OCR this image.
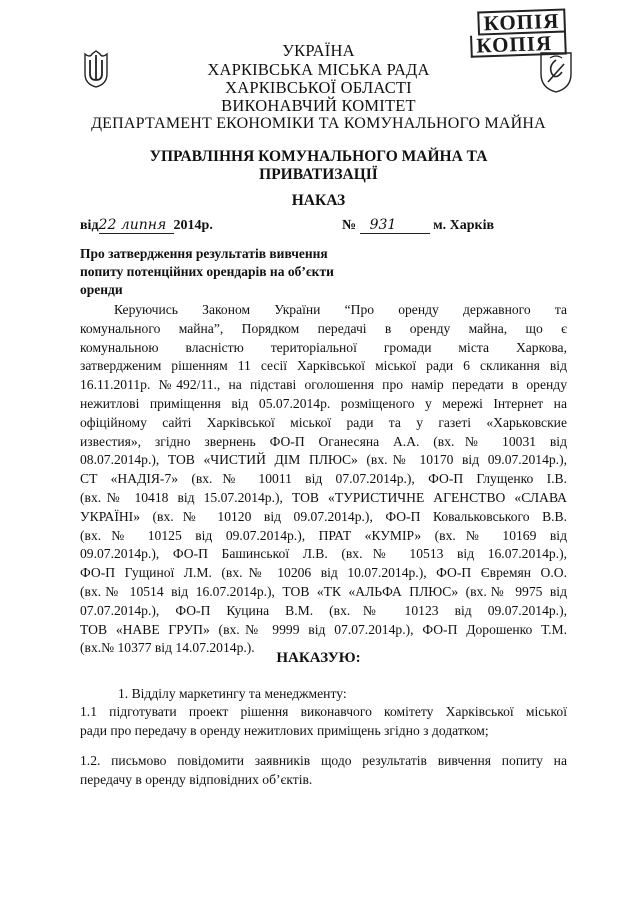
КОПІЯ
КОПІЯ
УКРАЇНА
ХАРКІВСЬКА МІСЬКА РАДА
ХАРКІВСЬКОЇ ОБЛАСТІ
ВИКОНАВЧИЙ КОМІТЕТ
ДЕПАРТАМЕНТ ЕКОНОМІКИ ТА КОМУНАЛЬНОГО МАЙНА
УПРАВЛІННЯ КОМУНАЛЬНОГО МАЙНА ТА
ПРИВАТИЗАЦІЇ
НАКАЗ
від22 липня 2014р.	№ 931	м. Харків
Про затвердження результатів вивчення
попиту потенційних орендарів на об’єкти
оренди
Керуючись Законом України “Про оренду державного та
комунального майна”, Порядком передачі в оренду майна, що є
комунальною власністю територіальної громади міста Харкова,
затвердженим рішенням 11 сесії Харківської міської ради 6 скликання від
16.11.2011р. №492/11., на підставі оголошення про намір передати в оренду
нежитлові приміщення від 05.07.2014р. розміщеного у мережі Інтернет на
офіційному сайті Харківської міської ради та у газеті «Харьковские
известия», згідно звернень ФО-П Оганесяна А.А. (вх.№ 10031 від
08.07.2014р.), ТОВ «ЧИСТИЙ ДІМ ПЛЮС» (вх.№ 10170 від 09.07.2014р.),
СТ «НАДІЯ-7» (вх.№ 10011 від 07.07.2014р.), ФО-П Глущенко І.В.
(вх.№ 10418 від 15.07.2014р.), ТОВ «ТУРИСТИЧНЕ АГЕНСТВО «СЛАВА
УКРАЇНІ» (вх.№ 10120 від 09.07.2014р.), ФО-П Ковальковського В.В.
(вх.№ 10125 від 09.07.2014р.), ПРАТ «КУМІР» (вх.№ 10169 від
09.07.2014р.), ФО-П Башинської Л.В. (вх.№ 10513 від 16.07.2014р.),
ФО-П Гущиної Л.М. (вх.№ 10206 від 10.07.2014р.), ФО-П Євремян О.О.
(вх.№ 10514 від 16.07.2014р.), ТОВ «ТК «АЛЬФА ПЛЮС» (вх.№ 9975 від
07.07.2014р.), ФО-П Куцина В.М. (вх.№ 10123 від 09.07.2014р.),
ТОВ «НАВЕ ГРУП» (вх.№ 9999 від 07.07.2014р.), ФО-П Дорошенко Т.М.
(вх.№ 10377 від 14.07.2014р.).
НАКАЗУЮ:
1. Відділу маркетингу та менеджменту:
1.1 підготувати проект рішення виконавчого комітету Харківської міської
ради про передачу в оренду нежитлових приміщень згідно з додатком;
1.2. письмово повідомити заявників щодо результатів вивчення попиту на
передачу в оренду відповідних об’єктів.
